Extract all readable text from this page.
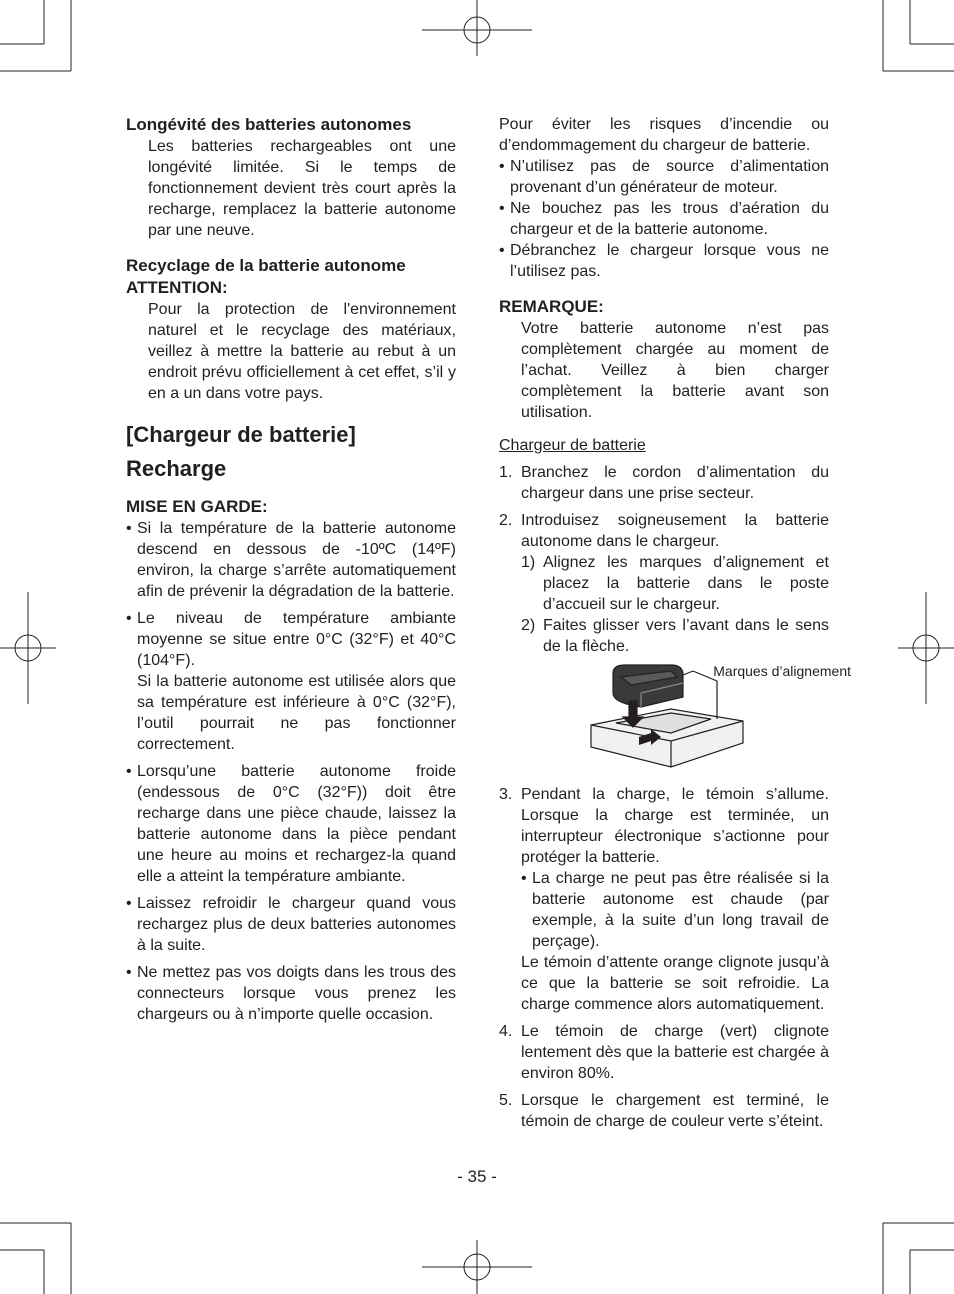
Longévité des batteries autonomes

Les batteries rechargeables ont une longévité limitée. Si le temps de fonctionnement devient très court après la recharge, remplacez la batterie autonome par une neuve.

Recyclage de la batterie autonome
ATTENTION:

Pour la protection de l'environnement naturel et le recyclage des matériaux, veillez à mettre la batterie au rebut à un endroit prévu officiellement à cet effet, s’il y en a un dans votre pays.

[Chargeur de batterie]
Recharge
MISE EN GARDE:
• Si la température de la batterie autonome descend en dessous de -10ºC (14ºF) environ, la charge s’arrête automatiquement afin de prévenir la dégradation de la batterie.
• Le niveau de température ambiante moyenne se situe entre 0°C (32°F) et 40°C (104°F).
Si la batterie autonome est utilisée alors que sa température est inférieure à 0°C (32°F), l’outil pourrait ne pas fonctionner correctement.
• Lorsqu’une batterie autonome froide (endessous de 0°C (32°F)) doit être recharge dans une pièce chaude, laissez la batterie autonome dans la pièce pendant une heure au moins et rechargez-la quand elle a atteint la température ambiante.
• Laissez refroidir le chargeur quand vous rechargez plus de deux batteries autonomes à la suite.
• Ne mettez pas vos doigts dans les trous des connecteurs lorsque vous prenez les chargeurs ou à n’importe quelle occasion.

Pour éviter les risques d’incendie ou d’endommagement du chargeur de batterie.

• N’utilisez pas de source d’alimentation provenant d’un générateur de moteur.
• Ne bouchez pas les trous d’aération du chargeur et de la batterie autonome.
• Débranchez le chargeur lorsque vous ne l’utilisez pas.
REMARQUE:

Votre batterie autonome n’est pas complètement chargée au moment de l’achat. Veillez à bien charger complètement la batterie avant son utilisation.

Chargeur de batterie

1. Branchez le cordon d’alimentation du chargeur dans une prise secteur.
2. Introduisez soigneusement la batterie autonome dans le chargeur.
1) Alignez les marques d’alignement et placez la batterie dans le poste d’accueil sur le chargeur.
2) Faites glisser vers l’avant dans le sens de la flèche.
Marques d’alignement
3. Pendant la charge, le témoin s’allume. Lorsque la charge est terminée, un interrupteur électronique s’actionne pour protéger la batterie.
• La charge ne peut pas être réalisée si la batterie autonome est chaude (par exemple, à la suite d’un long travail de perçage).
Le témoin d’attente orange clignote jusqu’à ce que la batterie se soit refroidie. La charge commence alors automatiquement.
4. Le témoin de charge (vert) clignote lentement dès que la batterie est chargée à environ 80%.
5. Lorsque le chargement est terminé, le témoin de charge de couleur verte s’éteint.
- 35 -
